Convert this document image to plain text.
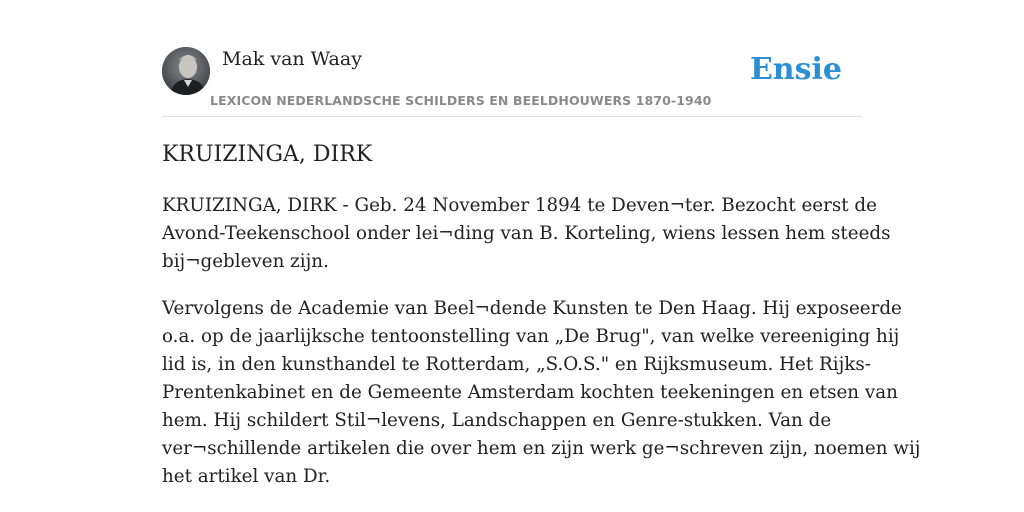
Mak van Waay
LEXICON NEDERLANDSCHE SCHILDERS EN BEELDHOUWERS 1870-1940
Ensie
KRUIZINGA, DIRK

KRUIZINGA, DIRK - Geb. 24 November 1894 te Deven¬ter. Bezocht eerst de
Avond-Teekenschool onder lei¬ding van B. Korteling, wiens lessen hem steeds
bij¬gebleven zijn.

Vervolgens de Academie van Beel¬dende Kunsten te Den Haag. Hij exposeerde
o.a. op de jaarlijksche tentoonstelling van „De Brug", van welke vereeniging hij
lid is, in den kunsthandel te Rotterdam, „S.O.S." en Rijksmuseum. Het Rijks-
Prentenkabinet en de Gemeente Amsterdam kochten teekeningen en etsen van
hem. Hij schildert Stil¬levens, Landschappen en Genre-stukken. Van de
ver¬schillende artikelen die over hem en zijn werk ge¬schreven zijn, noemen wij
het artikel van Dr.
